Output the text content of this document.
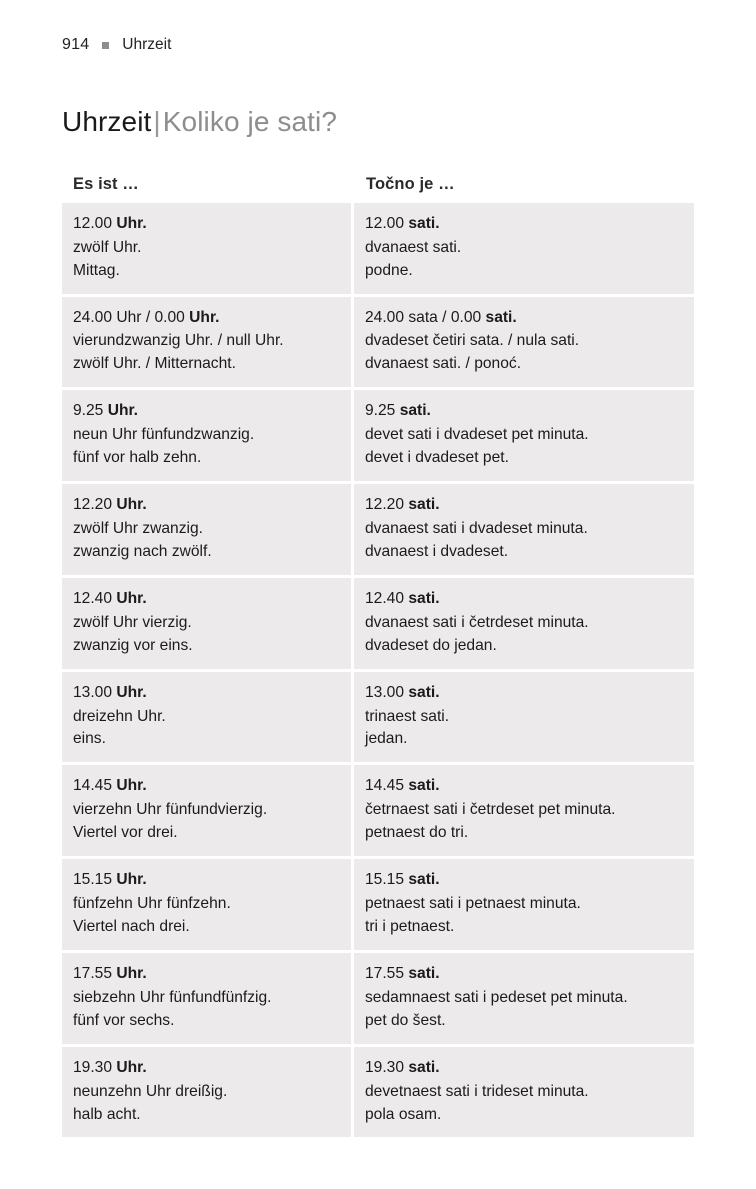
914 Uhrzeit
Uhrzeit|Koliko je sati?
Es ist …	Točno je …
12.00 Uhr.
zwölf Uhr.
Mittag.
12.00 sati.
dvanaest sati.
podne.
24.00 Uhr / 0.00 Uhr.
vierundzwanzig Uhr. / null Uhr.
zwölf Uhr. / Mitternacht.
24.00 sata / 0.00 sati.
dvadeset četiri sata. / nula sati.
dvanaest sati. / ponoć.
9.25 Uhr.
neun Uhr fünfundzwanzig.
fünf vor halb zehn.
9.25 sati.
devet sati i dvadeset pet minuta.
devet i dvadeset pet.
12.20 Uhr.
zwölf Uhr zwanzig.
zwanzig nach zwölf.
12.20 sati.
dvanaest sati i dvadeset minuta.
dvanaest i dvadeset.
12.40 Uhr.
zwölf Uhr vierzig.
zwanzig vor eins.
12.40 sati.
dvanaest sati i četrdeset minuta.
dvadeset do jedan.
13.00 Uhr.
dreizehn Uhr.
eins.
13.00 sati.
trinaest sati.
jedan.
14.45 Uhr.
vierzehn Uhr fünfundvierzig.
Viertel vor drei.
14.45 sati.
četrnaest sati i četrdeset pet minuta.
petnaest do tri.
15.15 Uhr.
fünfzehn Uhr fünfzehn.
Viertel nach drei.
15.15 sati.
petnaest sati i petnaest minuta.
tri i petnaest.
17.55 Uhr.
siebzehn Uhr fünfundfünfzig.
fünf vor sechs.
17.55 sati.
sedamnaest sati i pedeset pet minuta.
pet do šest.
19.30 Uhr.
neunzehn Uhr dreißig.
halb acht.
19.30 sati.
devetnaest sati i trideset minuta.
pola osam.
